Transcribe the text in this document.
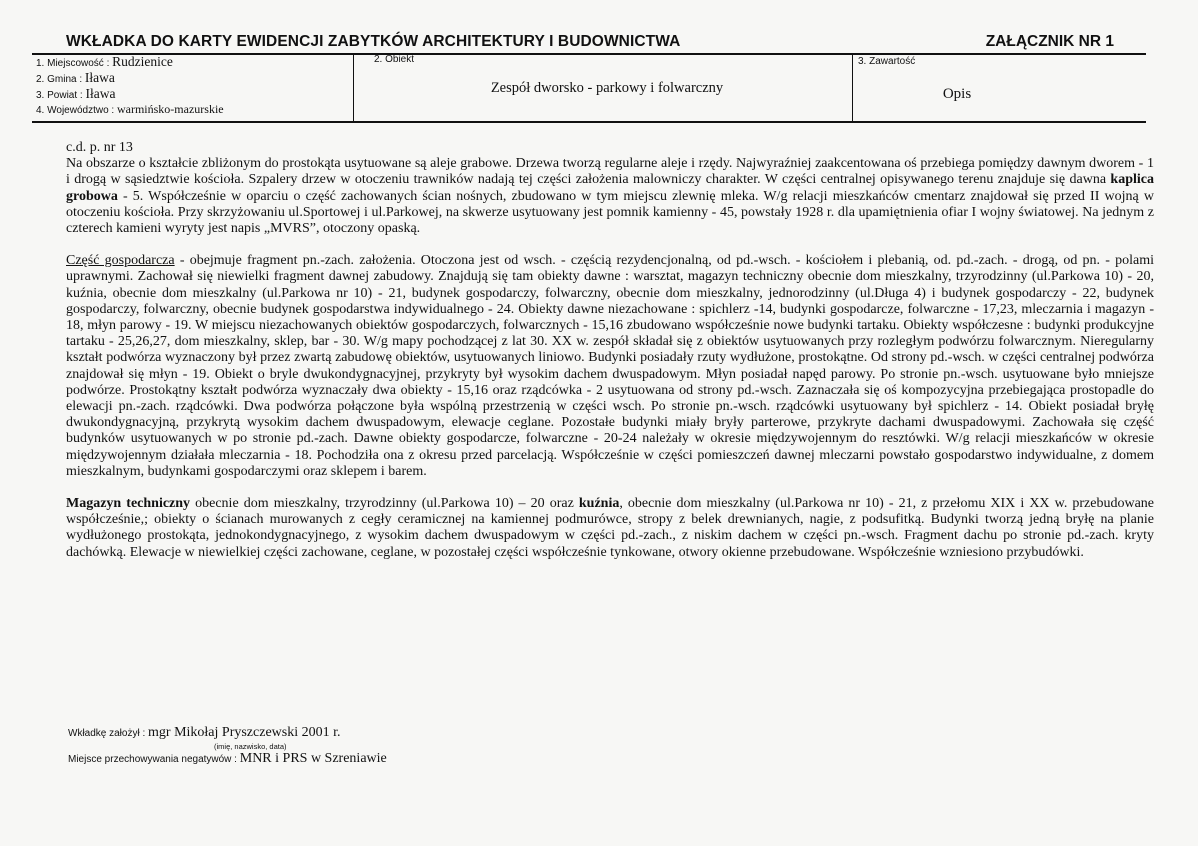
WKŁADKA DO KARTY EWIDENCJI ZABYTKÓW ARCHITEKTURY I BUDOWNICTWA	ZAŁĄCZNIK NR 1
1. Miejscowość : Rudzienice
2. Gmina : Iława
3. Powiat : Iława
4. Województwo : warmińsko-mazurskie
2. Obiekt
Zespół dworsko - parkowy i folwarczny
3. Zawartość
Opis

c.d. p. nr 13

Na obszarze o kształcie zbliżonym do prostokąta usytuowane są aleje grabowe. Drzewa tworzą regularne aleje i rzędy. Najwyraźniej zaakcentowana oś przebiega pomiędzy dawnym dworem - 1 i drogą w sąsiedztwie kościoła. Szpalery drzew w otoczeniu trawników nadają tej części założenia malowniczy charakter. W części centralnej opisywanego terenu znajduje się dawna kaplica grobowa - 5. Współcześnie w oparciu o część zachowanych ścian nośnych, zbudowano w tym miejscu zlewnię mleka. W/g relacji mieszkańców cmentarz znajdował się przed II wojną w otoczeniu kościoła. Przy skrzyżowaniu ul.Sportowej i ul.Parkowej, na skwerze usytuowany jest pomnik kamienny - 45, powstały 1928 r. dla upamiętnienia ofiar I wojny światowej. Na jednym z czterech kamieni wyryty jest napis „MVRS”, otoczony opaską.

Część gospodarcza - obejmuje fragment pn.-zach. założenia. Otoczona jest od wsch. - częścią rezydencjonalną, od pd.-wsch. - kościołem i plebanią, od. pd.-zach. - drogą, od pn. - polami uprawnymi. Zachował się niewielki fragment dawnej zabudowy. Znajdują się tam obiekty dawne : warsztat, magazyn techniczny obecnie dom mieszkalny, trzyrodzinny (ul.Parkowa 10) - 20, kuźnia, obecnie dom mieszkalny (ul.Parkowa nr 10) - 21, budynek gospodarczy, folwarczny, obecnie dom mieszkalny, jednorodzinny (ul.Długa 4) i budynek gospodarczy - 22, budynek gospodarczy, folwarczny, obecnie budynek gospodarstwa indywidualnego - 24. Obiekty dawne niezachowane : spichlerz -14, budynki gospodarcze, folwarczne - 17,23, mleczarnia i magazyn - 18, młyn parowy - 19. W miejscu niezachowanych obiektów gospodarczych, folwarcznych - 15,16 zbudowano współcześnie nowe budynki tartaku. Obiekty współczesne : budynki produkcyjne tartaku - 25,26,27, dom mieszkalny, sklep, bar - 30. W/g mapy pochodzącej z lat 30. XX w. zespół składał się z obiektów usytuowanych przy rozległym podwórzu folwarcznym. Nieregularny kształt podwórza wyznaczony był przez zwartą zabudowę obiektów, usytuowanych liniowo. Budynki posiadały rzuty wydłużone, prostokątne. Od strony pd.-wsch. w części centralnej podwórza znajdował się młyn - 19. Obiekt o bryle dwukondygnacyjnej, przykryty był wysokim dachem dwuspadowym. Młyn posiadał napęd parowy. Po stronie pn.-wsch. usytuowane było mniejsze podwórze. Prostokątny kształt podwórza wyznaczały dwa obiekty - 15,16 oraz rządcówka - 2 usytuowana od strony pd.-wsch. Zaznaczała się oś kompozycyjna przebiegająca prostopadle do elewacji pn.-zach. rządcówki. Dwa podwórza połączone była wspólną przestrzenią w części wsch. Po stronie pn.-wsch. rządcówki usytuowany był spichlerz - 14. Obiekt posiadał bryłę dwukondygnacyjną, przykrytą wysokim dachem dwuspadowym, elewacje ceglane. Pozostałe budynki miały bryły parterowe, przykryte dachami dwuspadowymi. Zachowała się część budynków usytuowanych w po stronie pd.-zach. Dawne obiekty gospodarcze, folwarczne - 20-24 należały w okresie międzywojennym do resztówki. W/g relacji mieszkańców w okresie międzywojennym działała mleczarnia - 18. Pochodziła ona z okresu przed parcelacją. Współcześnie w części pomieszczeń dawnej mleczarni powstało gospodarstwo indywidualne, z domem mieszkalnym, budynkami gospodarczymi oraz sklepem i barem.

Magazyn techniczny obecnie dom mieszkalny, trzyrodzinny (ul.Parkowa 10) – 20 oraz kuźnia, obecnie dom mieszkalny (ul.Parkowa nr 10) - 21, z przełomu XIX i XX w. przebudowane współcześnie,; obiekty o ścianach murowanych z cegły ceramicznej na kamiennej podmurówce, stropy z belek drewnianych, nagie, z podsufitką. Budynki tworzą jedną bryłę na planie wydłużonego prostokąta, jednokondygnacyjnego, z wysokim dachem dwuspadowym w części pd.-zach., z niskim dachem w części pn.-wsch. Fragment dachu po stronie pd.-zach. kryty dachówką. Elewacje w niewielkiej części zachowane, ceglane, w pozostałej części współcześnie tynkowane, otwory okienne przebudowane. Współcześnie wzniesiono przybudówki.

Wkładkę założył : mgr Mikołaj Pryszczewski 2001 r.
(imię, nazwisko, data)
Miejsce przechowywania negatywów : MNR i PRS w Szreniawie
